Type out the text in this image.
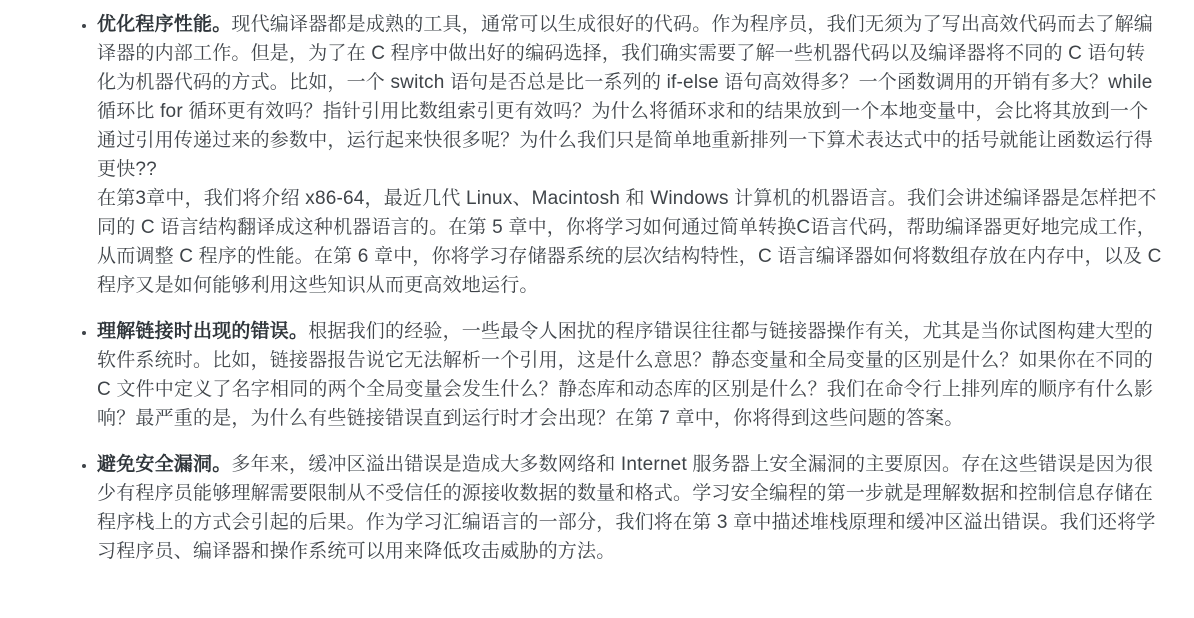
• 优化程序性能。现代编译器都是成熟的工具，通常可以生成很好的代码。作为程序员，我们无须为了写出高效代码而去了解编译器的内部工作。但是，为了在 C 程序中做出好的编码选择，我们确实需要了解一些机器代码以及编译器将不同的 C 语句转化为机器代码的方式。比如，一个 switch 语句是否总是比一系列的 if-else 语句高效得多？一个函数调用的开销有多大？while 循环比 for 循环更有效吗？指针引用比数组索引更有效吗？为什么将循环求和的结果放到一个本地变量中，会比将其放到一个通过引用传递过来的参数中，运行起来快很多呢？为什么我们只是简单地重新排列一下算术表达式中的括号就能让函数运行得更快??

在第3章中，我们将介绍 x86-64，最近几代 Linux、Macintosh 和 Windows 计算机的机器语言。我们会讲述编译器是怎样把不同的 C 语言结构翻译成这种机器语言的。在第 5 章中，你将学习如何通过简单转换C语言代码，帮助编译器更好地完成工作，从而调整 C 程序的性能。在第 6 章中，你将学习存储器系统的层次结构特性，C 语言编译器如何将数组存放在内存中，以及 C 程序又是如何能够利用这些知识从而更高效地运行。

• 理解链接时出现的错误。根据我们的经验，一些最令人困扰的程序错误往往都与链接器操作有关，尤其是当你试图构建大型的软件系统时。比如，链接器报告说它无法解析一个引用，这是什么意思？静态变量和全局变量的区别是什么？如果你在不同的 C 文件中定义了名字相同的两个全局变量会发生什么？静态库和动态库的区别是什么？我们在命令行上排列库的顺序有什么影响？最严重的是，为什么有些链接错误直到运行时才会出现？在第 7 章中，你将得到这些问题的答案。

• 避免安全漏洞。多年来，缓冲区溢出错误是造成大多数网络和 Internet 服务器上安全漏洞的主要原因。存在这些错误是因为很少有程序员能够理解需要限制从不受信任的源接收数据的数量和格式。学习安全编程的第一步就是理解数据和控制信息存储在程序栈上的方式会引起的后果。作为学习汇编语言的一部分，我们将在第 3 章中描述堆栈原理和缓冲区溢出错误。我们还将学习程序员、编译器和操作系统可以用来降低攻击威胁的方法。
